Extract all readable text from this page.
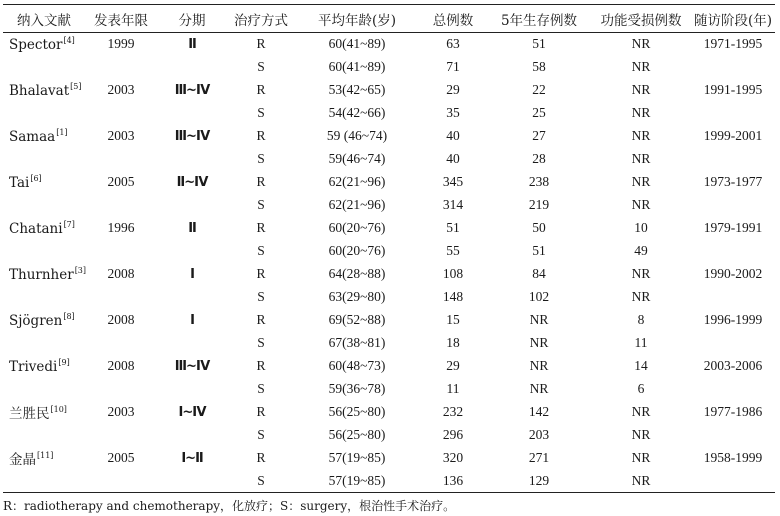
纳入文献	发表年限	分期	治疗方式	平均年龄(岁)	总例数	5年生存例数	功能受损例数	随访阶段(年)
Spector[4]	1999	Ⅱ	R	60(41~89)	63	51	NR	1971-1995
			S	60(41~89)	71	58	NR	
Bhalavat[5]	2003	Ⅲ~Ⅳ	R	53(42~65)	29	22	NR	1991-1995
			S	54(42~66)	35	25	NR	
Samaa[1]	2003	Ⅲ~Ⅳ	R	59 (46~74)	40	27	NR	1999-2001
			S	59(46~74)	40	28	NR	
Tai[6]	2005	Ⅱ~Ⅳ	R	62(21~96)	345	238	NR	1973-1977
			S	62(21~96)	314	219	NR	
Chatani[7]	1996	Ⅱ	R	60(20~76)	51	50	10	1979-1991
			S	60(20~76)	55	51	49	
Thurnher[3]	2008	Ⅰ	R	64(28~88)	108	84	NR	1990-2002
			S	63(29~80)	148	102	NR	
Sjögren[8]	2008	Ⅰ	R	69(52~88)	15	NR	8	1996-1999
			S	67(38~81)	18	NR	11	
Trivedi[9]	2008	Ⅲ~Ⅳ	R	60(48~73)	29	NR	14	2003-2006
			S	59(36~78)	11	NR	6	
兰胜民[10]	2003	Ⅰ~Ⅳ	R	56(25~80)	232	142	NR	1977-1986
			S	56(25~80)	296	203	NR	
金晶[11]	2005	Ⅰ~Ⅱ	R	57(19~85)	320	271	NR	1958-1999
			S	57(19~85)	136	129	NR	
R：radiotherapy and chemotherapy，化放疗；S：surgery，根治性手术治疗。
